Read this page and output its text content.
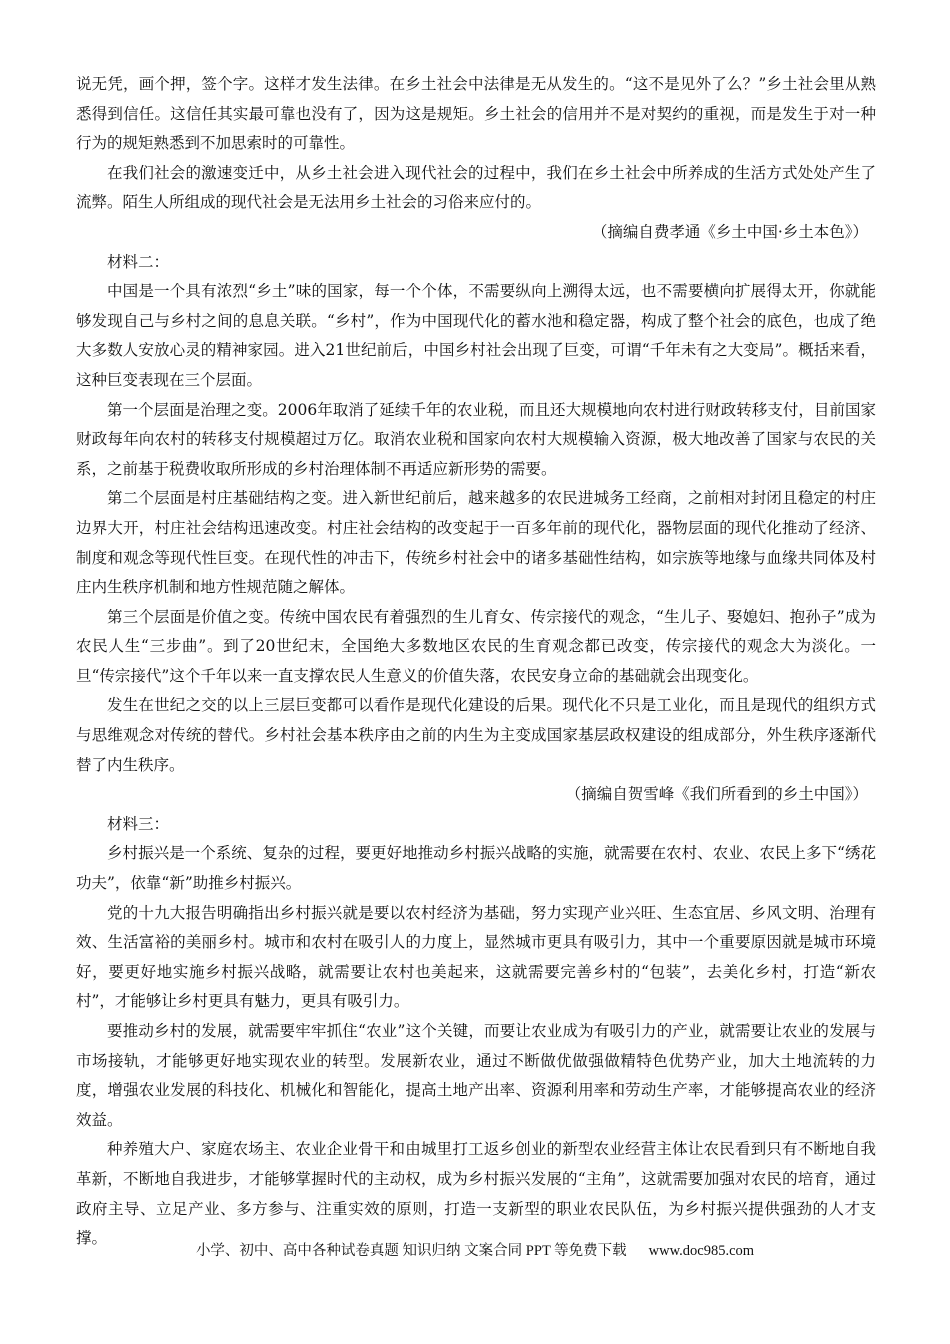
说无凭，画个押，签个字。这样才发生法律。在乡土社会中法律是无从发生的。“这不是见外了么？”乡土社会里从熟悉得到信任。这信任其实最可靠也没有了，因为这是规矩。乡土社会的信用并不是对契约的重视，而是发生于对一种行为的规矩熟悉到不加思索时的可靠性。

在我们社会的激速变迁中，从乡土社会进入现代社会的过程中，我们在乡土社会中所养成的生活方式处处产生了流弊。陌生人所组成的现代社会是无法用乡土社会的习俗来应付的。

（摘编自费孝通《乡土中国·乡土本色》）

材料二：

中国是一个具有浓烈“乡土”味的国家，每一个个体，不需要纵向上溯得太远，也不需要横向扩展得太开，你就能够发现自己与乡村之间的息息关联。“乡村”，作为中国现代化的蓄水池和稳定器，构成了整个社会的底色，也成了绝大多数人安放心灵的精神家园。进入21世纪前后，中国乡村社会出现了巨变，可谓“千年未有之大变局”。概括来看，这种巨变表现在三个层面。

第一个层面是治理之变。2006年取消了延续千年的农业税，而且还大规模地向农村进行财政转移支付，目前国家财政每年向农村的转移支付规模超过万亿。取消农业税和国家向农村大规模输入资源，极大地改善了国家与农民的关系，之前基于税费收取所形成的乡村治理体制不再适应新形势的需要。

第二个层面是村庄基础结构之变。进入新世纪前后，越来越多的农民进城务工经商，之前相对封闭且稳定的村庄边界大开，村庄社会结构迅速改变。村庄社会结构的改变起于一百多年前的现代化，器物层面的现代化推动了经济、制度和观念等现代性巨变。在现代性的冲击下，传统乡村社会中的诸多基础性结构，如宗族等地缘与血缘共同体及村庄内生秩序机制和地方性规范随之解体。

第三个层面是价值之变。传统中国农民有着强烈的生儿育女、传宗接代的观念，“生儿子、娶媳妇、抱孙子”成为农民人生“三步曲”。到了20世纪末，全国绝大多数地区农民的生育观念都已改变，传宗接代的观念大为淡化。一旦“传宗接代”这个千年以来一直支撑农民人生意义的价值失落，农民安身立命的基础就会出现变化。

发生在世纪之交的以上三层巨变都可以看作是现代化建设的后果。现代化不只是工业化，而且是现代的组织方式与思维观念对传统的替代。乡村社会基本秩序由之前的内生为主变成国家基层政权建设的组成部分，外生秩序逐渐代替了内生秩序。

（摘编自贺雪峰《我们所看到的乡土中国》）

材料三：

乡村振兴是一个系统、复杂的过程，要更好地推动乡村振兴战略的实施，就需要在农村、农业、农民上多下“绣花功夫”，依靠“新”助推乡村振兴。

党的十九大报告明确指出乡村振兴就是要以农村经济为基础，努力实现产业兴旺、生态宜居、乡风文明、治理有效、生活富裕的美丽乡村。城市和农村在吸引人的力度上，显然城市更具有吸引力，其中一个重要原因就是城市环境好，要更好地实施乡村振兴战略，就需要让农村也美起来，这就需要完善乡村的“包装”，去美化乡村，打造“新农村”，才能够让乡村更具有魅力，更具有吸引力。

要推动乡村的发展，就需要牢牢抓住“农业”这个关键，而要让农业成为有吸引力的产业，就需要让农业的发展与市场接轨，才能够更好地实现农业的转型。发展新农业，通过不断做优做强做精特色优势产业，加大土地流转的力度，增强农业发展的科技化、机械化和智能化，提高土地产出率、资源利用率和劳动生产率，才能够提高农业的经济效益。

种养殖大户、家庭农场主、农业企业骨干和由城里打工返乡创业的新型农业经营主体让农民看到只有不断地自我革新，不断地自我进步，才能够掌握时代的主动权，成为乡村振兴发展的“主角”，这就需要加强对农民的培育，通过政府主导、立足产业、多方参与、注重实效的原则，打造一支新型的职业农民队伍，为乡村振兴提供强劲的人才支撑。

小学、初中、高中各种试卷真题 知识归纳 文案合同 PPT 等免费下载 www.doc985.com
